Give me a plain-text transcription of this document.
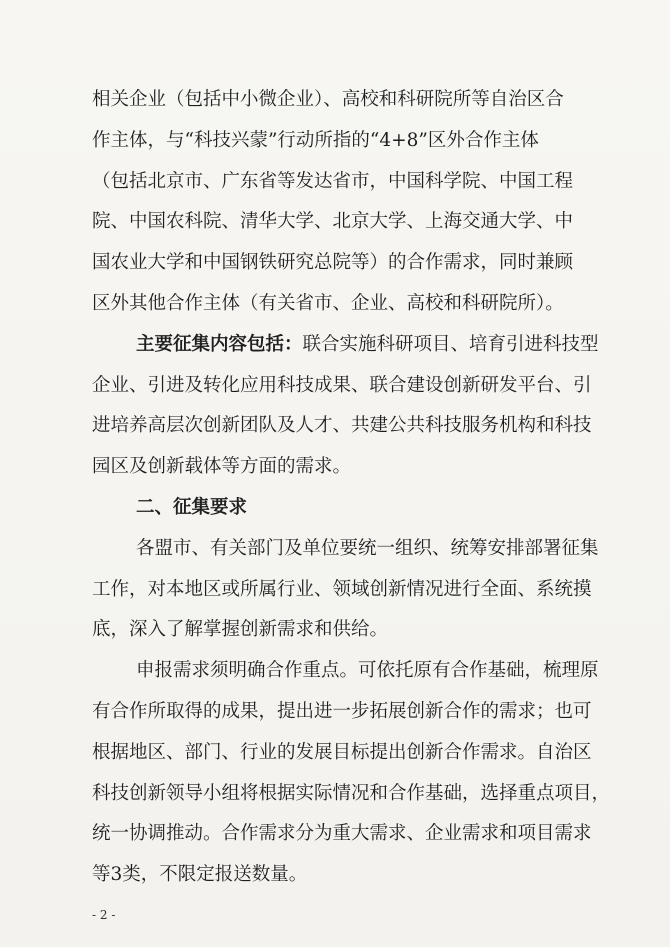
相关企业（包括中小微企业）、高校和科研院所等自治区合
作主体，与“科技兴蒙”行动所指的“4+8”区外合作主体
（包括北京市、广东省等发达省市，中国科学院、中国工程
院、中国农科院、清华大学、北京大学、上海交通大学、中
国农业大学和中国钢铁研究总院等）的合作需求，同时兼顾
区外其他合作主体（有关省市、企业、高校和科研院所）。
主要征集内容包括：联合实施科研项目、培育引进科技型
企业、引进及转化应用科技成果、联合建设创新研发平台、引
进培养高层次创新团队及人才、共建公共科技服务机构和科技
园区及创新载体等方面的需求。
二、征集要求
各盟市、有关部门及单位要统一组织、统筹安排部署征集
工作，对本地区或所属行业、领域创新情况进行全面、系统摸
底，深入了解掌握创新需求和供给。
申报需求须明确合作重点。可依托原有合作基础，梳理原
有合作所取得的成果，提出进一步拓展创新合作的需求；也可
根据地区、部门、行业的发展目标提出创新合作需求。自治区
科技创新领导小组将根据实际情况和合作基础，选择重点项目，
统一协调推动。合作需求分为重大需求、企业需求和项目需求
等3类，不限定报送数量。
- 2 -
